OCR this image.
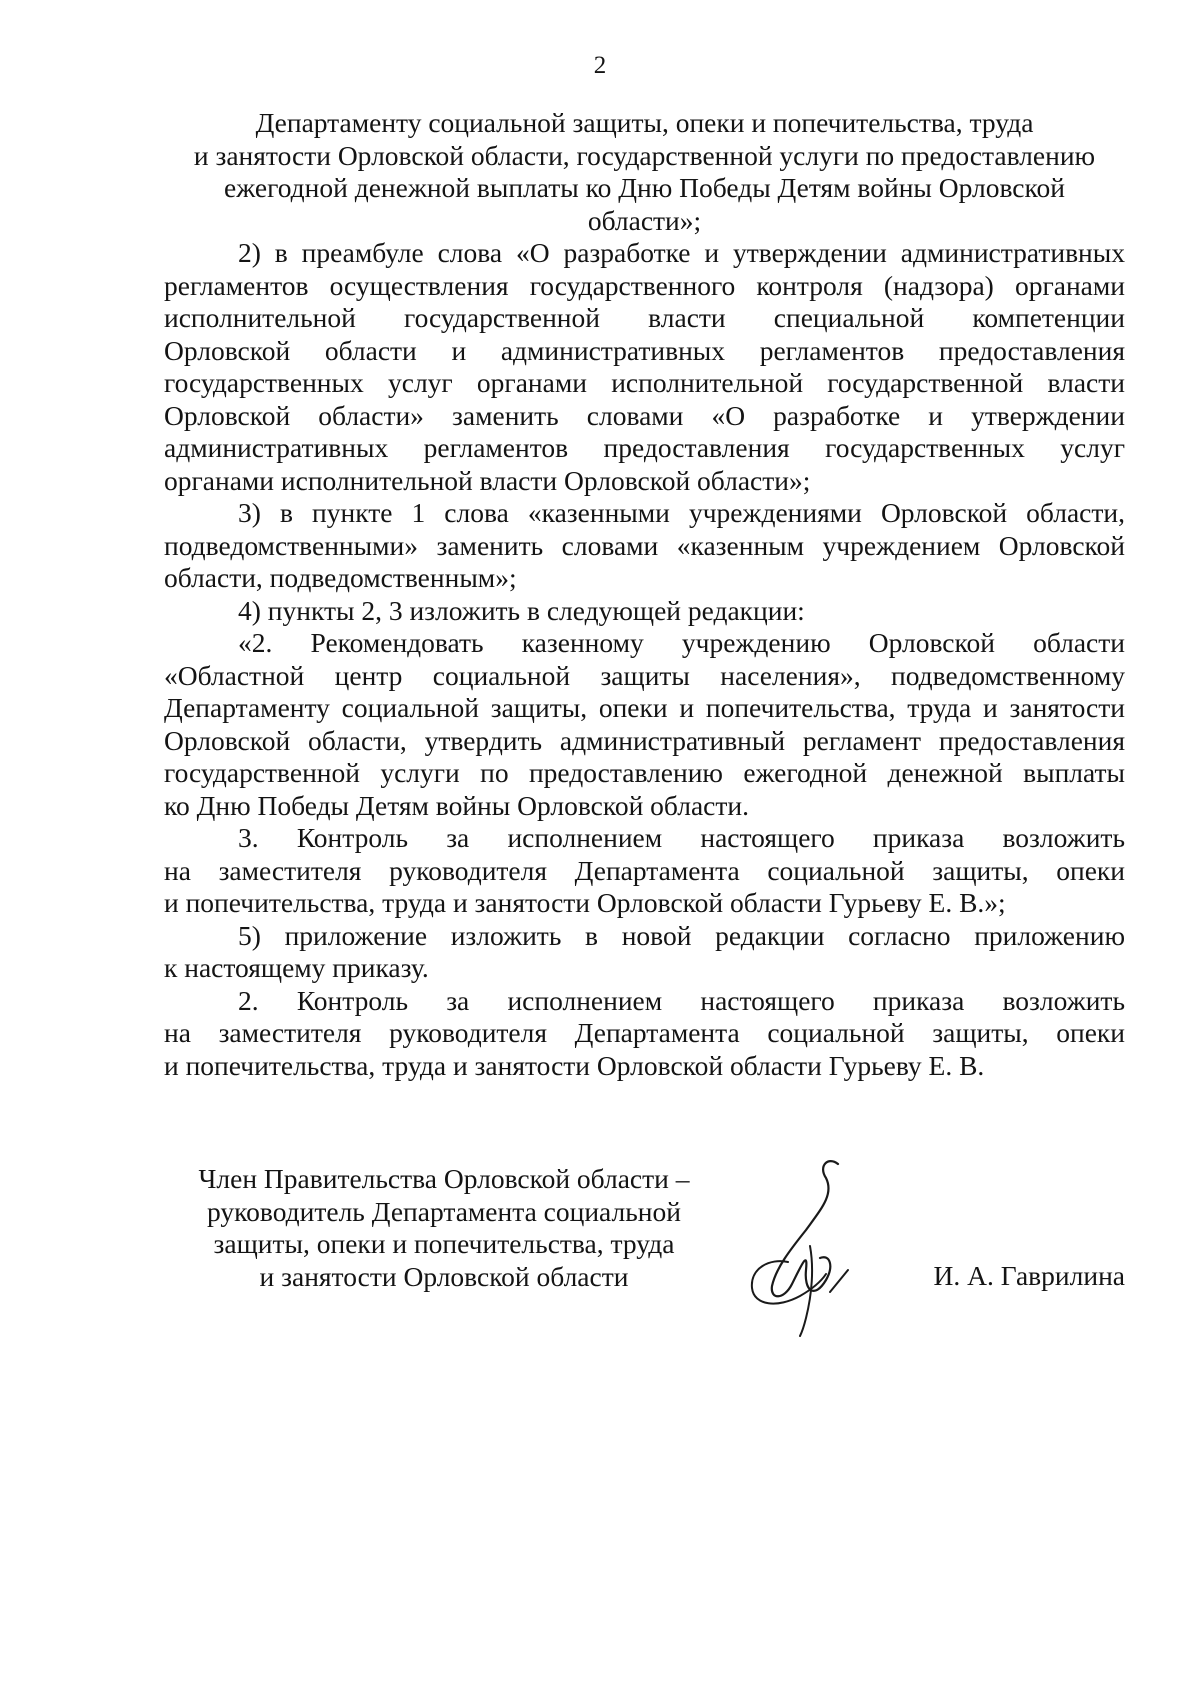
2
Департаменту социальной защиты, опеки и попечительства, труда
и занятости Орловской области, государственной услуги по предоставлению
ежегодной денежной выплаты ко Дню Победы Детям войны Орловской
области»;
2) в преамбуле слова «О разработке и утверждении административных
регламентов осуществления государственного контроля (надзора) органами
исполнительной государственной власти специальной компетенции
Орловской области и административных регламентов предоставления
государственных услуг органами исполнительной государственной власти
Орловской области» заменить словами «О разработке и утверждении
административных регламентов предоставления государственных услуг
органами исполнительной власти Орловской области»;
3) в пункте 1 слова «казенными учреждениями Орловской области,
подведомственными» заменить словами «казенным учреждением Орловской
области, подведомственным»;
4) пункты 2, 3 изложить в следующей редакции:
«2. Рекомендовать казенному учреждению Орловской области
«Областной центр социальной защиты населения», подведомственному
Департаменту социальной защиты, опеки и попечительства, труда и занятости
Орловской области, утвердить административный регламент предоставления
государственной услуги по предоставлению ежегодной денежной выплаты
ко Дню Победы Детям войны Орловской области.
3. Контроль за исполнением настоящего приказа возложить
на заместителя руководителя Департамента социальной защиты, опеки
и попечительства, труда и занятости Орловской области Гурьеву Е. В.»;
5) приложение изложить в новой редакции согласно приложению
к настоящему приказу.
2. Контроль за исполнением настоящего приказа возложить
на заместителя руководителя Департамента социальной защиты, опеки
и попечительства, труда и занятости Орловской области Гурьеву Е. В.
Член Правительства Орловской области –
руководитель Департамента социальной
защиты, опеки и попечительства, труда
и занятости Орловской области	И. А. Гаврилина
